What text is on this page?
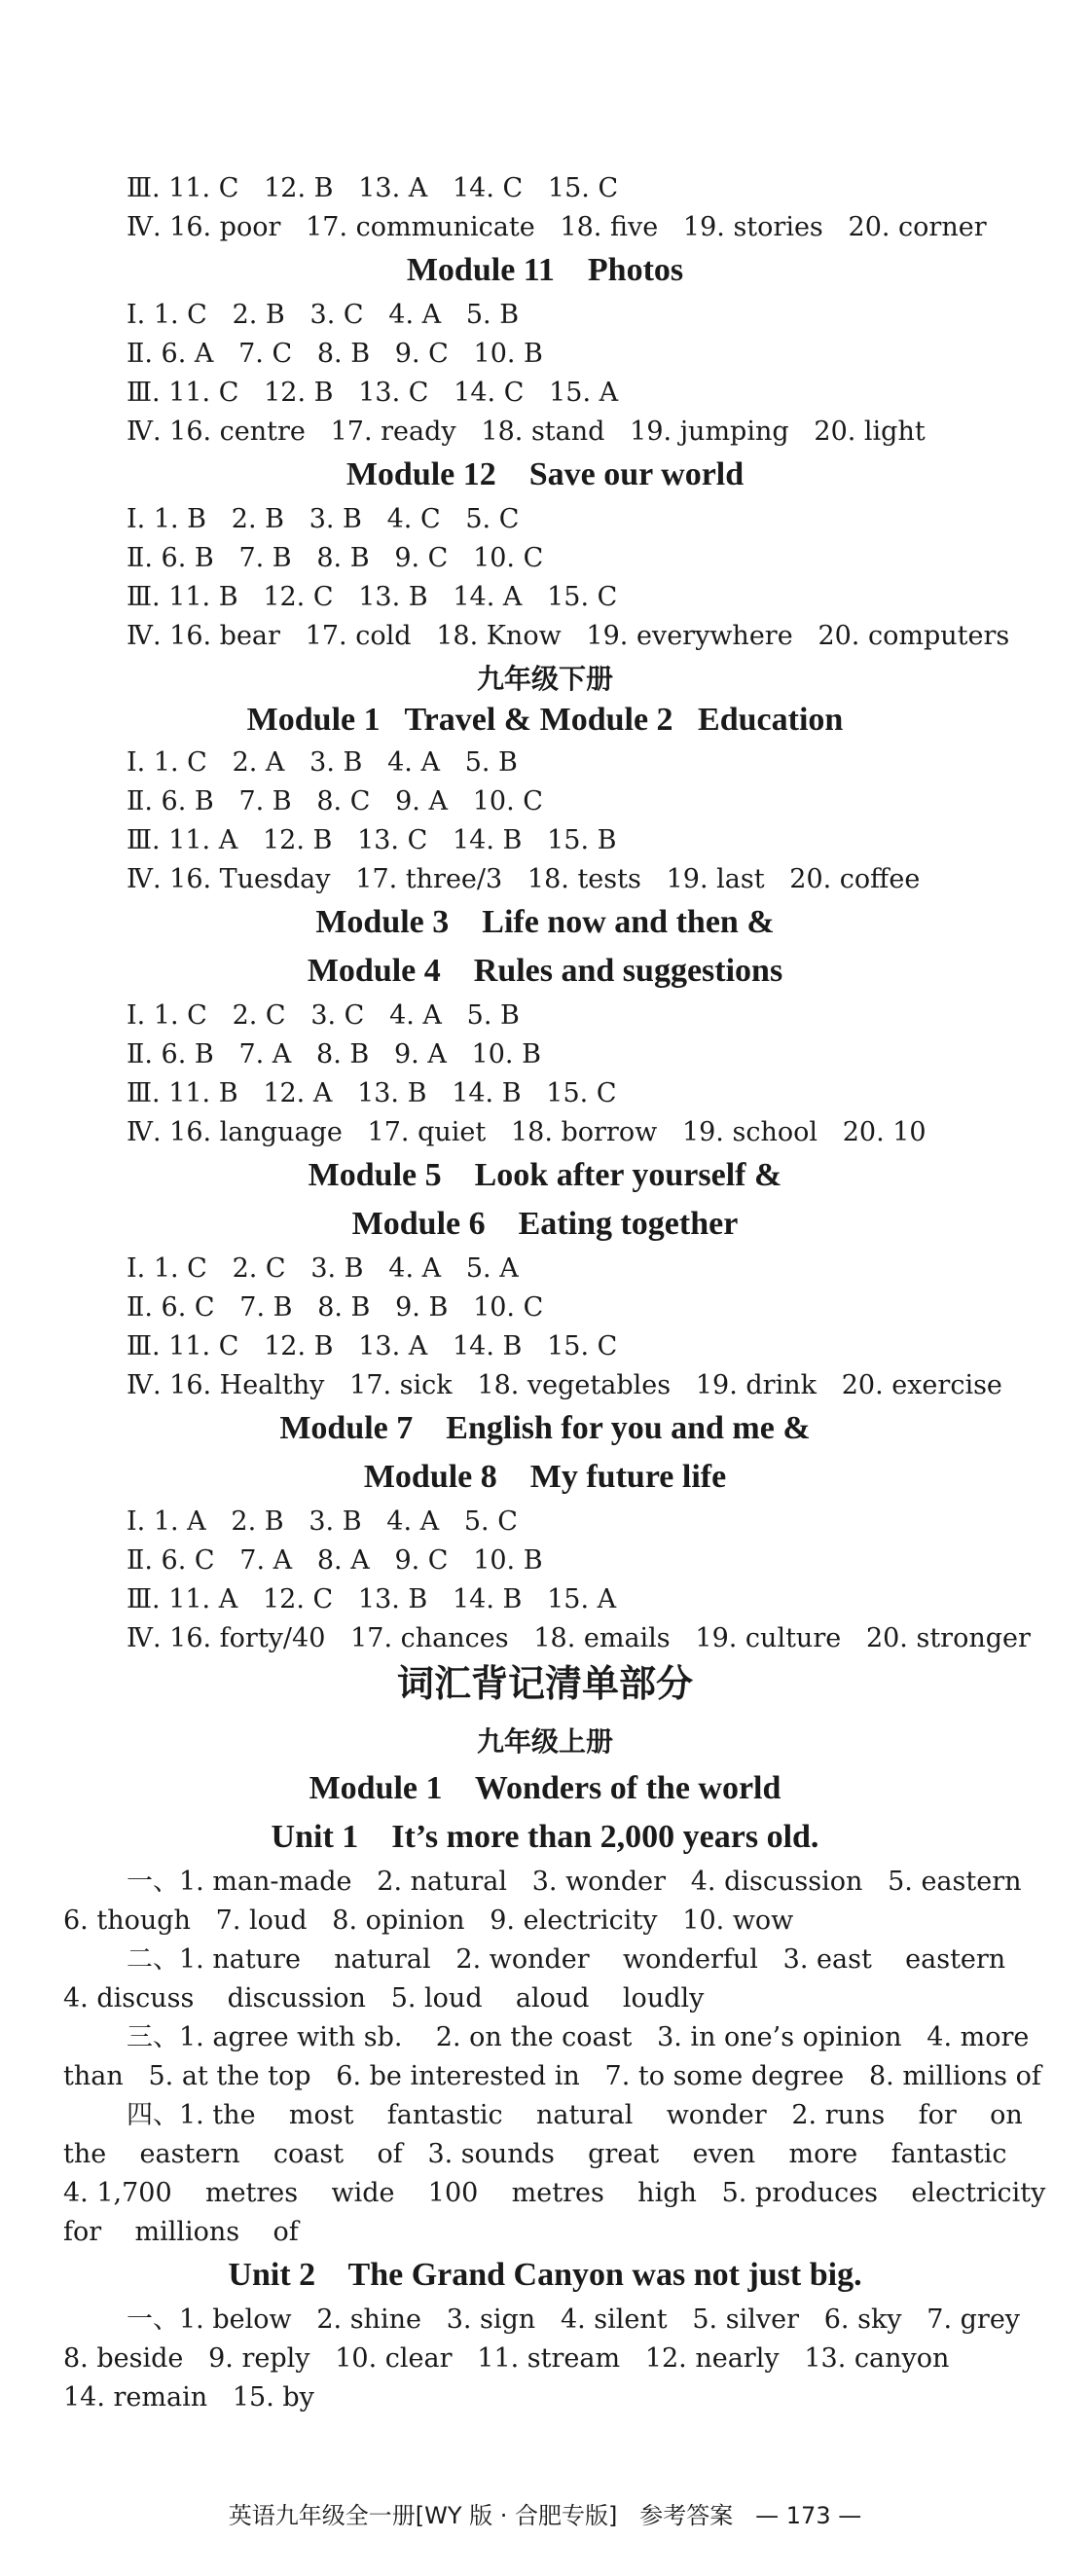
Ⅲ. 11. C   12. B   13. A   14. C   15. C
Ⅳ. 16. poor   17. communicate   18. five   19. stories   20. corner
Module 11    Photos
Ⅰ. 1. C   2. B   3. C   4. A   5. B
Ⅱ. 6. A   7. C   8. B   9. C   10. B
Ⅲ. 11. C   12. B   13. C   14. C   15. A
Ⅳ. 16. centre   17. ready   18. stand   19. jumping   20. light
Module 12    Save our world
Ⅰ. 1. B   2. B   3. B   4. C   5. C
Ⅱ. 6. B   7. B   8. B   9. C   10. C
Ⅲ. 11. B   12. C   13. B   14. A   15. C
Ⅳ. 16. bear   17. cold   18. Know   19. everywhere   20. computers
九年级下册
Module 1   Travel & Module 2   Education
Ⅰ. 1. C   2. A   3. B   4. A   5. B
Ⅱ. 6. B   7. B   8. C   9. A   10. C
Ⅲ. 11. A   12. B   13. C   14. B   15. B
Ⅳ. 16. Tuesday   17. three/3   18. tests   19. last   20. coffee
Module 3    Life now and then &
Module 4    Rules and suggestions
Ⅰ. 1. C   2. C   3. C   4. A   5. B
Ⅱ. 6. B   7. A   8. B   9. A   10. B
Ⅲ. 11. B   12. A   13. B   14. B   15. C
Ⅳ. 16. language   17. quiet   18. borrow   19. school   20. 10
Module 5    Look after yourself &
Module 6    Eating together
Ⅰ. 1. C   2. C   3. B   4. A   5. A
Ⅱ. 6. C   7. B   8. B   9. B   10. C
Ⅲ. 11. C   12. B   13. A   14. B   15. C
Ⅳ. 16. Healthy   17. sick   18. vegetables   19. drink   20. exercise
Module 7    English for you and me &
Module 8    My future life
Ⅰ. 1. A   2. B   3. B   4. A   5. C
Ⅱ. 6. C   7. A   8. A   9. C   10. B
Ⅲ. 11. A   12. C   13. B   14. B   15. A
Ⅳ. 16. forty/40   17. chances   18. emails   19. culture   20. stronger
词汇背记清单部分
九年级上册
Module 1    Wonders of the world
Unit 1    It’s more than 2,000 years old.
一、1. man-made   2. natural   3. wonder   4. discussion   5. eastern
6. though   7. loud   8. opinion   9. electricity   10. wow
二、1. nature    natural   2. wonder    wonderful   3. east    eastern
4. discuss    discussion   5. loud    aloud    loudly
三、1. agree with sb.    2. on the coast   3. in one’s opinion   4. more
than   5. at the top   6. be interested in   7. to some degree   8. millions of
四、1. the    most    fantastic    natural    wonder   2. runs    for    on
the    eastern    coast    of   3. sounds    great    even    more    fantastic
4. 1,700    metres    wide    100    metres    high   5. produces    electricity
for    millions    of
Unit 2    The Grand Canyon was not just big.
一、1. below   2. shine   3. sign   4. silent   5. silver   6. sky   7. grey
8. beside   9. reply   10. clear   11. stream   12. nearly   13. canyon
14. remain   15. by
英语九年级全一册[WY 版 · 合肥专版]   参考答案   — 173 —
